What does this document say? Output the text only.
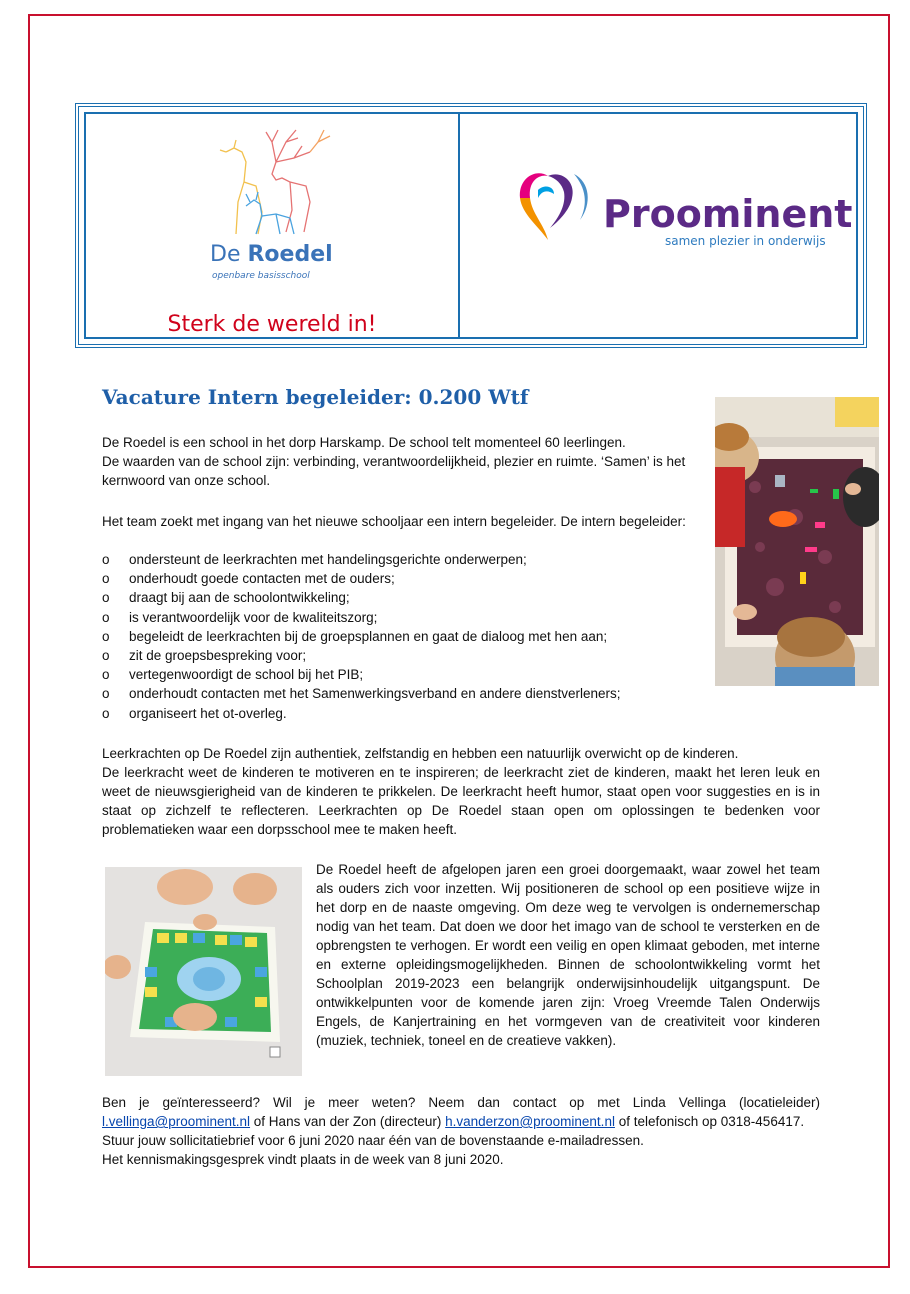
De Roedel
openbare basisschool
Sterk de wereld in!
Proominent
samen plezier in onderwijs
Vacature Intern begeleider: 0.200 Wtf
De Roedel is een school in het dorp Harskamp. De school telt momenteel 60 leerlingen.
De waarden van de school zijn: verbinding, verantwoordelijkheid, plezier en ruimte. ‘Samen’ is het kernwoord van onze school.
Het team zoekt met ingang van het nieuwe schooljaar een intern begeleider. De intern begeleider:
o ondersteunt de leerkrachten met handelingsgerichte onderwerpen;
o onderhoudt goede contacten met de ouders;
o draagt bij aan de schoolontwikkeling;
o is verantwoordelijk voor de kwaliteitszorg;
o begeleidt de leerkrachten bij de groepsplannen en gaat de dialoog met hen aan;
o zit de groepsbespreking voor;
o vertegenwoordigt de school bij het PIB;
o onderhoudt contacten met het Samenwerkingsverband en andere dienstverleners;
o organiseert het ot-overleg.
Leerkrachten op De Roedel zijn authentiek, zelfstandig en hebben een natuurlijk overwicht op de kinderen.
De leerkracht weet de kinderen te motiveren en te inspireren; de leerkracht ziet de kinderen, maakt het leren leuk en weet de nieuwsgierigheid van de kinderen te prikkelen. De leerkracht heeft humor, staat open voor suggesties en is in staat op zichzelf te reflecteren. Leerkrachten op De Roedel staan open om oplossingen te bedenken voor problematieken waar een dorpsschool mee te maken heeft.
De Roedel heeft de afgelopen jaren een groei doorgemaakt, waar zowel het team als ouders zich voor inzetten. Wij positioneren de school op een positieve wijze in het dorp en de naaste omgeving. Om deze weg te vervolgen is ondernemerschap nodig van het team. Dat doen we door het imago van de school te versterken en de opbrengsten te verhogen. Er wordt een veilig en open klimaat geboden, met interne en externe opleidingsmogelijkheden. Binnen de schoolontwikkeling vormt het Schoolplan 2019-2023 een belangrijk onderwijsinhoudelijk uitgangspunt. De ontwikkelpunten voor de komende jaren zijn: Vroeg Vreemde Talen Onderwijs Engels, de Kanjertraining en het vormgeven van de creativiteit voor kinderen (muziek, techniek, toneel en de creatieve vakken).
Ben je geïnteresseerd? Wil je meer weten? Neem dan contact op met Linda Vellinga (locatieleider) l.vellinga@proominent.nl of Hans van der Zon (directeur) h.vanderzon@proominent.nl of telefonisch op 0318-456417.
Stuur jouw sollicitatiebrief voor 6 juni 2020 naar één van de bovenstaande e-mailadressen.
Het kennismakingsgesprek vindt plaats in de week van 8 juni 2020.
